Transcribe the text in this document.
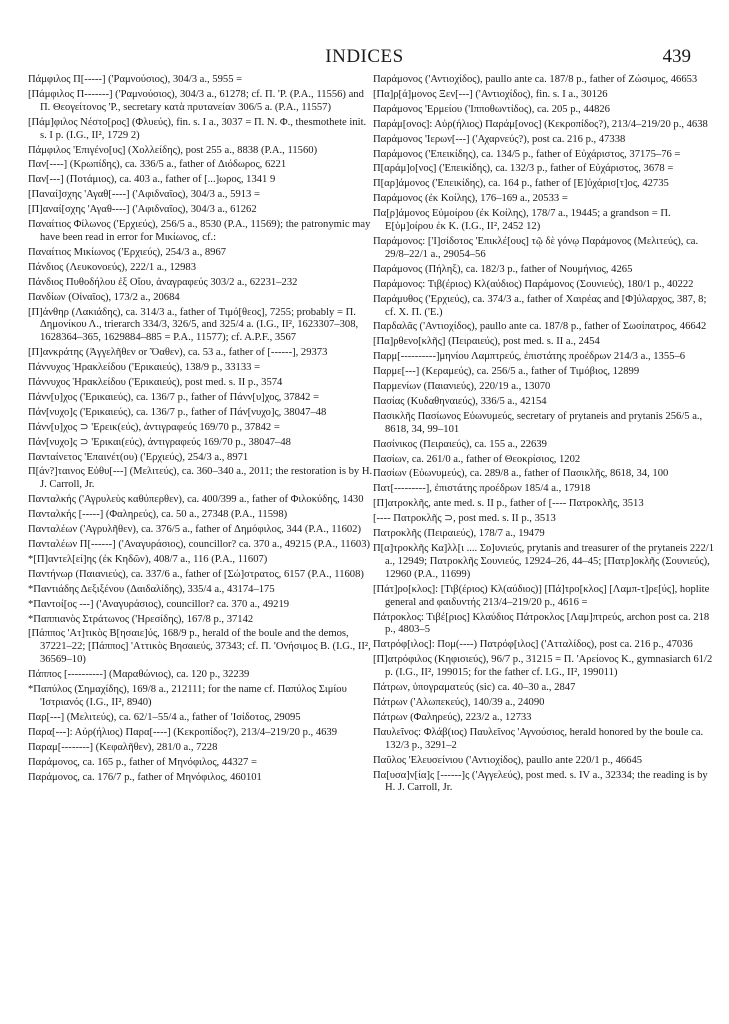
INDICES	439

Πάμφιλος Π[-----] ('Ραμνούσιος), 304/3 a., 5955 =

[Πάμφιλος Π-------] ('Ραμνούσιος), 304/3 a., 61278; cf. Π. 'Ρ. (P.A., 11556) and Π. Θεογείτονος 'Ρ., secretary κατὰ πρυτανείαν 306/5 a. (P.A., 11557)

[Πάμ]φιλος Νέστο[ρος] (Φλυεύς), fin. s. I a., 3037 = Π. Ν. Φ., thesmothete init. s. I p. (I.G., II², 1729 2)

Πάμφιλος 'Επιγένο[υς] (Χολλείδης), post 255 a., 8838 (P.A., 11560)

Παν[----] (Κρωπίδης), ca. 336/5 a., father of Διόδωρος, 6221

Παν[---] (Ποτάμιος), ca. 403 a., father of [...]ωρος, 1341 9

[Παναί]σχης 'Αγαθ[----] ('Αφιδναῖος), 304/3 a., 5913 =

[Π]αναί[σχης 'Αγαθ----] ('Αφιδναῖος), 304/3 a., 61262

Παναίτιος Φίλωνος ('Ερχιεύς), 256/5 a., 8530 (P.A., 11569); the patronymic may have been read in error for Μικίωνος, cf.:

Παναίτιος Μικίωνος ('Ερχιεύς), 254/3 a., 8967

Πάνδιος (Λευκονοεύς), 222/1 a., 12983

Πάνδιος Πυθοδήλου ἐξ Οἴου, ἀναγραφεύς 303/2 a., 62231–232

Πανδίων (Οἰναῖος), 173/2 a., 20684

[Π]άνθηρ (Λακιάδης), ca. 314/3 a., father of Τιμό[θεος], 7255; probably = Π. Δημονίκου Λ., trierarch 334/3, 326/5, and 325/4 a. (I.G., II², 1623307–308, 1628364–365, 1629884–885 = P.A., 11577); cf. A.P.F., 3567

[Π]ανκράτης (Ἀγγελῆθεν or Ὄαθεν), ca. 53 a., father of [------], 29373

Πάννυχος Ἡρακλείδου ('Ερικαιεύς), 138/9 p., 33133 =

Πάννυχος Ἡρακλείδου ('Ερικαιεύς), post med. s. II p., 3574

Πάνν[υ]χος ('Ερικαιεύς), ca. 136/7 p., father of Πάνν[υ]χος, 37842 =

Πάν[νυχο]ς ('Ερικαιεύς), ca. 136/7 p., father of Πάν[νυχο]ς, 38047–48

Πάνν[υ]χος ⊃ 'Ερεικ(εύς), ἀντιγραφεύς 169/70 p., 37842 =

Πάν[νυχο]ς ⊃ 'Ερικαι(εύς), ἀντιγραφεύς 169/70 p., 38047–48

Πανταίνετος 'Επαινέτ(ου) ('Ερχιεύς), 254/3 a., 8971

Π[άν?]ταινος Εὐθυ[---] (Μελιτεύς), ca. 360–340 a., 2011; the restoration is by H. J. Carroll, Jr.

Πανταλκής ('Αγρυλεὺς καθύπερθεν), ca. 400/399 a., father of Φιλοκύδης, 1430

Πανταλκής [-----] (Φαληρεύς), ca. 50 a., 27348 (P.A., 11598)

Πανταλέων ('Αγρυλῆθεν), ca. 376/5 a., father of Δημόφιλος, 344 (P.A., 11602)

Πανταλέων Π[------] ('Αναγυράσιος), councillor? ca. 370 a., 49215 (P.A., 11603)

*[Π]αντελ[εί]ης (ἐκ Κηδῶν), 408/7 a., 116 (P.A., 11607)

Παντήνωρ (Παιανιεύς), ca. 337/6 a., father of [Σώ]στρατος, 6157 (P.A., 11608)

*Παντιάδης Δεξιξένου (Δαιδαλίδης), 335/4 a., 43174–175

*Παντοί[ος ---] ('Αναγυράσιος), councillor? ca. 370 a., 49219

*Παππιανὸς Στράτωνος ('Ηρεσίδης), 167/8 p., 37142

[Πάππος 'Ατ]τικὸς Β[ησαιε]ύς, 168/9 p., herald of the boule and the demos, 37221–22; [Πάππος] 'Αττικὸς Βησαιεύς, 37343; cf. Π. 'Ονήσιμος Β. (I.G., II², 36569–10)

Πάππος [----------] (Μαραθώνιος), ca. 120 p., 32239

*Παπύλος (Σημαχίδης), 169/8 a., 212111; for the name cf. Παπύλος Σιμίου 'Ιστριανός (I.G., II², 8940)

Παρ[---] (Μελιτεύς), ca. 62/1–55/4 a., father of 'Ισίδοτος, 29095

Παρα[---]: Αὐρ(ήλιος) Παρα[----] (Κεκροπίδος?), 213/4–219/20 p., 4639

Παραμ[--------] (Κεφαλῆθεν), 281/0 a., 7228

Παράμονος, ca. 165 p., father of Μηνόφιλος, 44327 =

Παράμονος, ca. 176/7 p., father of Μηνόφιλος, 460101

Παράμονος ('Αντιοχίδος), paullo ante ca. 187/8 p., father of Ζώσιμος, 46653

[Πα]ρ[ά]μονος Ξεν[---] ('Αντιοχίδος), fin. s. I a., 30126

Παράμονος 'Ερμείου ('Ιπποθωντίδος), ca. 205 p., 44826

Παράμ[ονος]: Αὐρ(ήλιος) Παράμ[ονος] (Κεκροπίδος?), 213/4–219/20 p., 4638

Παράμονος 'Ιερων[---] ('Αχαρνεύς?), post ca. 216 p., 47338

Παράμονος ('Επεικίδης), ca. 134/5 p., father of Εὐχάριστος, 37175–76 =

Π[αράμ]ο[νος] ('Επεικίδης), ca. 132/3 p., father of Εὐχάριστος, 3678 =

Π[αρ]άμονος ('Επεικίδης), ca. 164 p., father of [Ε]ὐχάρισ[τ]ος, 42735

Παράμονος (ἐκ Κοίλης), 176–169 a., 20533 =

Πα[ρ]άμονος Εὐμοίρου (ἐκ Κοίλης), 178/7 a., 19445; a grandson = Π. Ε[ὐμ]οίρου ἐκ Κ. (I.G., II², 2452 12)

Παράμονος: ['Ι]σίδοτος 'Επικλέ[ους] τῷ δὲ γόνῳ Παράμονος (Μελιτεύς), ca. 29/8–22/1 a., 29054–56

Παράμονος (Πήληξ), ca. 182/3 p., father of Νουμήνιος, 4265

Παράμονος: Τιβ(έριος) Κλ(αύδιος) Παράμονος (Σουνιεύς), 180/1 p., 40222

Παράμυθος ('Ερχιεύς), ca. 374/3 a., father of Χαιρέας and [Φ]ύλαρχος, 387, 8; cf. Χ. Π. ('Ε.)

Παρδαλᾶς ('Αντιοχίδος), paullo ante ca. 187/8 p., father of Σωσίπατρος, 46642

[Πα]ρθενο[κλῆς] (Πειραιεύς), post med. s. II a., 2454

Παρμ[----------]μηνίου Λαμπτρεύς, ἐπιστάτης προέδρων 214/3 a., 1355–6

Παρμε[---] (Κεραμεύς), ca. 256/5 a., father of Τιμόβιος, 12899

Παρμενίων (Παιανιεύς), 220/19 a., 13070

Πασίας (Κυδαθηναιεύς), 336/5 a., 42154

Πασικλῆς Πασίωνος Εὐωνυμεύς, secretary of prytaneis and prytanis 256/5 a., 8618, 34, 99–101

Πασίνικος (Πειραιεύς), ca. 155 a., 22639

Πασίων, ca. 261/0 a., father of Θεοκρίσιος, 1202

Πασίων (Εὐωνυμεύς), ca. 289/8 a., father of Πασικλῆς, 8618, 34, 100

Πατ[---------], ἐπιστάτης προέδρων 185/4 a., 17918

[Π]ατροκλῆς, ante med. s. II p., father of [---- Πατροκλῆς, 3513

[---- Πατροκλῆς ⊃, post med. s. II p., 3513

Πατροκλῆς (Πειραιεύς), 178/7 a., 19479

Π[α]τροκλῆς Κα]λλ[ι .... Σο]υνιεύς, prytanis and treasurer of the prytaneis 222/1 a., 12949; Πατροκλῆς Σουνιεύς, 12924–26, 44–45; [Πατρ]οκλῆς (Σουνιεύς), 12960 (P.A., 11699)

[Πάτ]ρο[κλος]: [Τιβ(έριος) Κλ(αύδιος)] [Πά]τρο[κλος] [Λαμπ-τ]ρε[ύς], hoplite general and φαιδυντής 213/4–219/20 p., 4616 =

Πάτροκλος: Τιβέ[ριος] Κλαύδιος Πάτροκλος [Λαμ]πτρεύς, archon post ca. 218 p., 4803–5

Πατρόφ[ιλος]: Πομ(----) Πατρόφ[ιλος] ('Ατταλίδος), post ca. 216 p., 47036

[Π]ατρόφιλος (Κηφισιεύς), 96/7 p., 31215 = Π. 'Αρείονος Κ., gymnasiarch 61/2 p. (I.G., II², 199015; for the father cf. I.G., II², 199011)

Πάτρων, ὑπογραματεύς (sic) ca. 40–30 a., 2847

Πάτρων ('Αλωπεκεύς), 140/39 a., 24090

Πάτρων (Φαληρεύς), 223/2 a., 12733

Παυλεῖνος: Φλάβ(ιος) Παυλεῖνος 'Αγνούσιος, herald honored by the boule ca. 132/3 p., 3291–2

Παῦλος 'Ελευσείνιου ('Αντιοχίδος), paullo ante 220/1 p., 46645

Πα[υσα]ν[ία]ς [------]ς ('Αγγελεύς), post med. s. IV a., 32334; the reading is by H. J. Carroll, Jr.
